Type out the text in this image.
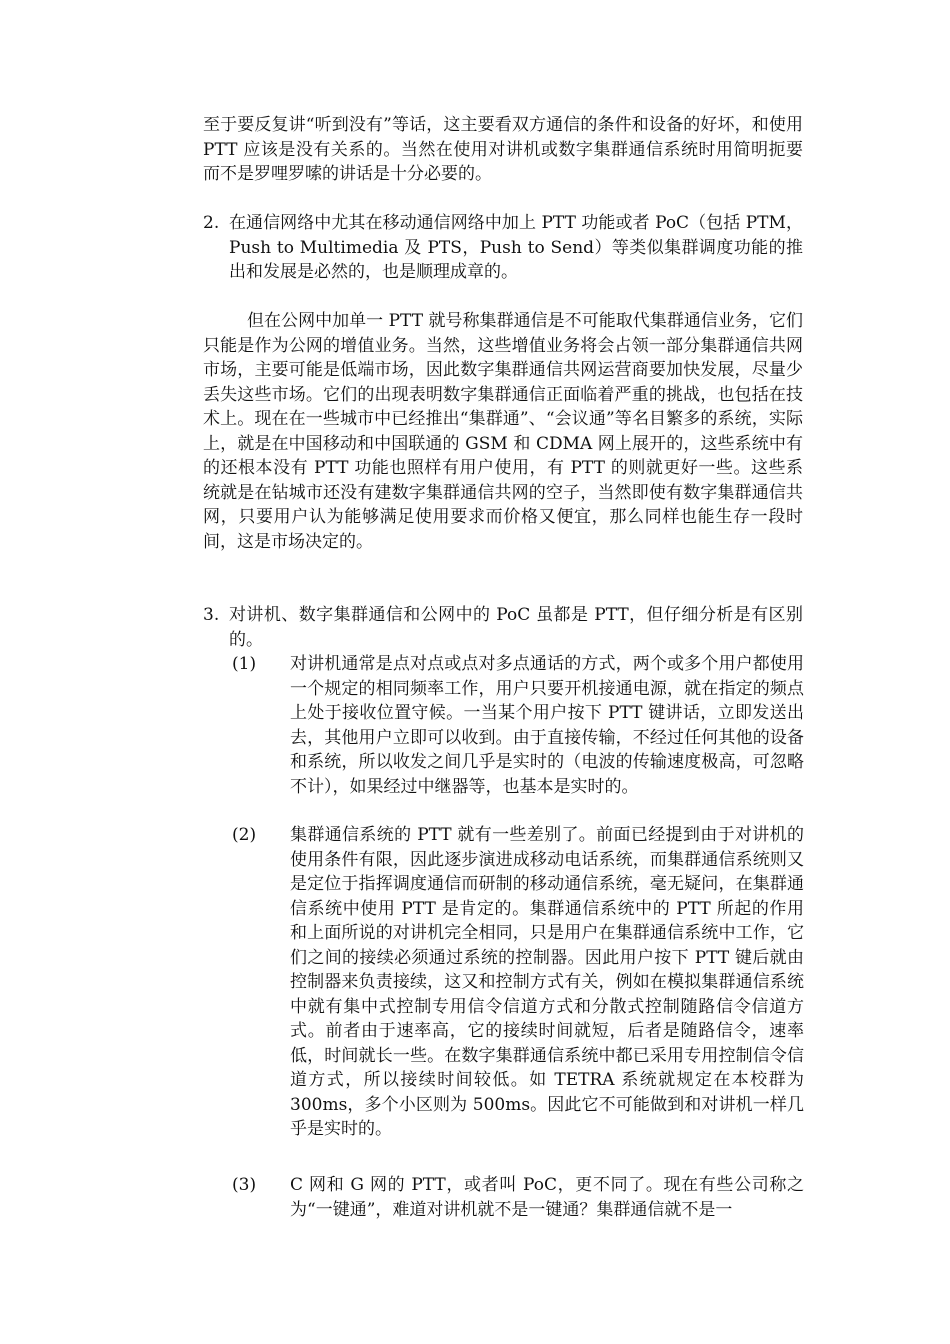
至于要反复讲“听到没有”等话，这主要看双方通信的条件和设备的好坏，和使用 PTT 应该是没有关系的。当然在使用对讲机或数字集群通信系统时用简明扼要而不是罗哩罗嗦的讲话是十分必要的。

2. 在通信网络中尤其在移动通信网络中加上 PTT 功能或者 PoC（包括 PTM，Push to Multimedia 及 PTS，Push to Send）等类似集群调度功能的推出和发展是必然的，也是顺理成章的。

但在公网中加单一 PTT 就号称集群通信是不可能取代集群通信业务，它们只能是作为公网的增值业务。当然，这些增值业务将会占领一部分集群通信共网市场，主要可能是低端市场，因此数字集群通信共网运营商要加快发展，尽量少丢失这些市场。它们的出现表明数字集群通信正面临着严重的挑战，也包括在技术上。现在在一些城市中已经推出“集群通”、“会议通”等名目繁多的系统，实际上，就是在中国移动和中国联通的 GSM 和 CDMA 网上展开的，这些系统中有的还根本没有 PTT 功能也照样有用户使用，有 PTT 的则就更好一些。这些系统就是在钻城市还没有建数字集群通信共网的空子，当然即使有数字集群通信共网，只要用户认为能够满足使用要求而价格又便宜，那么同样也能生存一段时间，这是市场决定的。

3. 对讲机、数字集群通信和公网中的 PoC 虽都是 PTT，但仔细分析是有区别的。
(1)	对讲机通常是点对点或点对多点通话的方式，两个或多个用户都使用一个规定的相同频率工作，用户只要开机接通电源，就在指定的频点上处于接收位置守候。一当某个用户按下 PTT 键讲话，立即发送出去，其他用户立即可以收到。由于直接传输，不经过任何其他的设备和系统，所以收发之间几乎是实时的（电波的传输速度极高，可忽略不计），如果经过中继器等，也基本是实时的。
(2)	集群通信系统的 PTT 就有一些差别了。前面已经提到由于对讲机的使用条件有限，因此逐步演进成移动电话系统，而集群通信系统则又是定位于指挥调度通信而研制的移动通信系统，毫无疑问，在集群通信系统中使用 PTT 是肯定的。集群通信系统中的 PTT 所起的作用和上面所说的对讲机完全相同，只是用户在集群通信系统中工作，它们之间的接续必须通过系统的控制器。因此用户按下 PTT 键后就由控制器来负责接续，这又和控制方式有关，例如在模拟集群通信系统中就有集中式控制专用信令信道方式和分散式控制随路信令信道方式。前者由于速率高，它的接续时间就短，后者是随路信令，速率低，时间就长一些。在数字集群通信系统中都已采用专用控制信令信道方式，所以接续时间较低。如 TETRA 系统就规定在本校群为 300ms，多个小区则为 500ms。因此它不可能做到和对讲机一样几乎是实时的。
(3)	C 网和 G 网的 PTT，或者叫 PoC，更不同了。现在有些公司称之为“一键通”，难道对讲机就不是一键通？集群通信就不是一
